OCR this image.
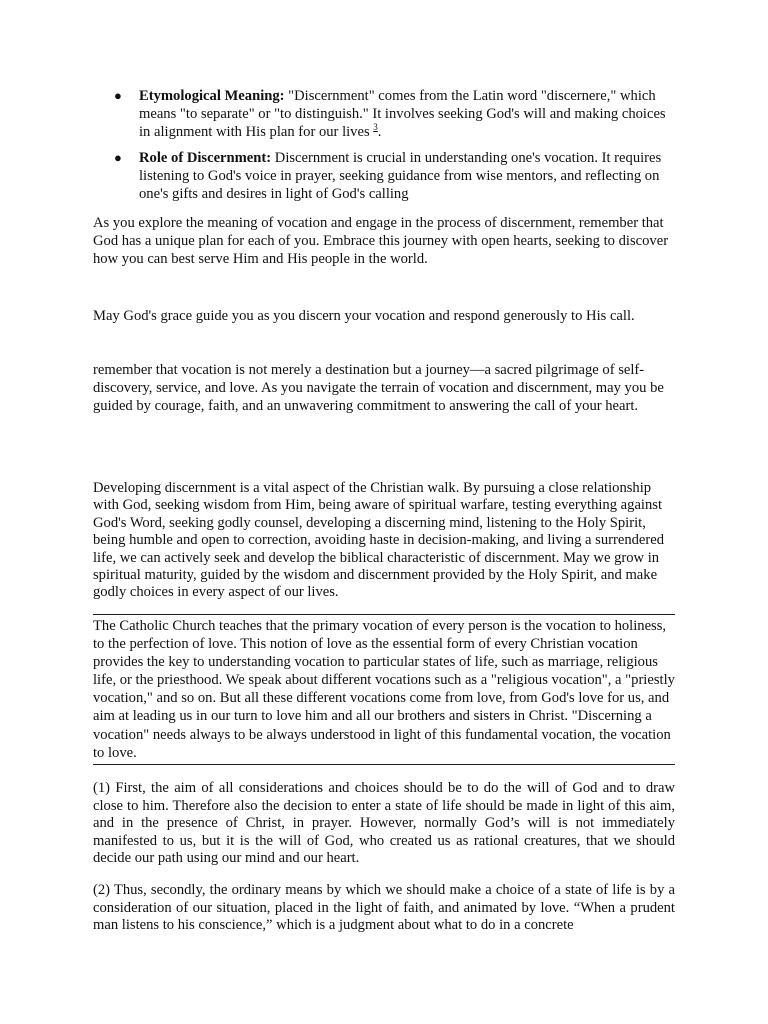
● Etymological Meaning: "Discernment" comes from the Latin word "discernere," which means "to separate" or "to distinguish." It involves seeking God's will and making choices in alignment with His plan for our lives $^3$.
● Role of Discernment: Discernment is crucial in understanding one's vocation. It requires listening to God's voice in prayer, seeking guidance from wise mentors, and reflecting on one's gifts and desires in light of God's calling

As you explore the meaning of vocation and engage in the process of discernment, remember that God has a unique plan for each of you. Embrace this journey with open hearts, seeking to discover how you can best serve Him and His people in the world.

May God's grace guide you as you discern your vocation and respond generously to His call.

remember that vocation is not merely a destination but a journey—a sacred pilgrimage of self-discovery, service, and love. As you navigate the terrain of vocation and discernment, may you be guided by courage, faith, and an unwavering commitment to answering the call of your heart.

Developing discernment is a vital aspect of the Christian walk. By pursuing a close relationship with God, seeking wisdom from Him, being aware of spiritual warfare, testing everything against God's Word, seeking godly counsel, developing a discerning mind, listening to the Holy Spirit, being humble and open to correction, avoiding haste in decision-making, and living a surrendered life, we can actively seek and develop the biblical characteristic of discernment. May we grow in spiritual maturity, guided by the wisdom and discernment provided by the Holy Spirit, and make godly choices in every aspect of our lives.

The Catholic Church teaches that the primary vocation of every person is the vocation to holiness, to the perfection of love. This notion of love as the essential form of every Christian vocation provides the key to understanding vocation to particular states of life, such as marriage, religious life, or the priesthood. We speak about different vocations such as a "religious vocation", a "priestly vocation," and so on. But all these different vocations come from love, from God's love for us, and aim at leading us in our turn to love him and all our brothers and sisters in Christ. "Discerning a vocation" needs always to be always understood in light of this fundamental vocation, the vocation to love.

(1) First, the aim of all considerations and choices should be to do the will of God and to draw close to him. Therefore also the decision to enter a state of life should be made in light of this aim, and in the presence of Christ, in prayer. However, normally God’s will is not immediately manifested to us, but it is the will of God, who created us as rational creatures, that we should decide our path using our mind and our heart.

(2) Thus, secondly, the ordinary means by which we should make a choice of a state of life is by a consideration of our situation, placed in the light of faith, and animated by love. “When a prudent man listens to his conscience,” which is a judgment about what to do in a concrete
